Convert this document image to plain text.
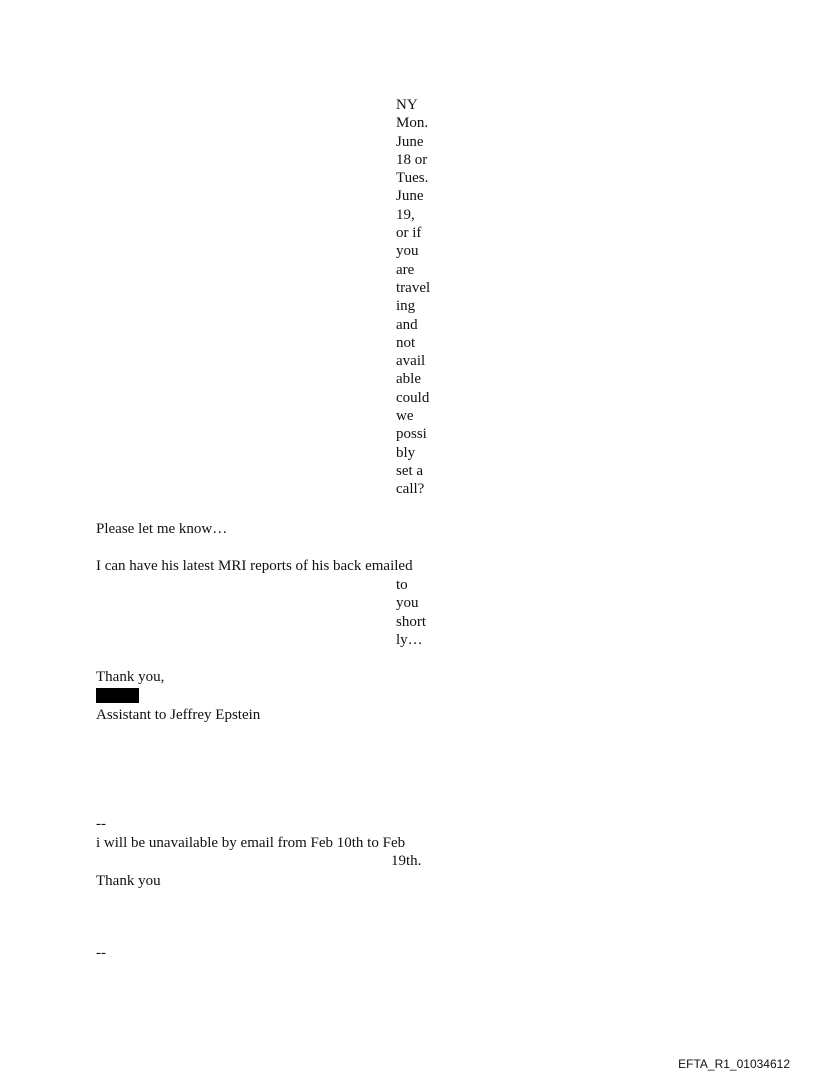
NY
Mon.
June
18 or
Tues.
June
19,
or if
you
are
travel
ing
and
not
avail
able
could
we
possi
bly
set a
call?
Please let me know…
I can have his latest MRI reports of his back emailed
to
you
short
ly…
Thank you,
Assistant to Jeffrey Epstein
--
i will be unavailable by email from Feb 10th to Feb
19th.
Thank you
--
EFTA_R1_01034612
